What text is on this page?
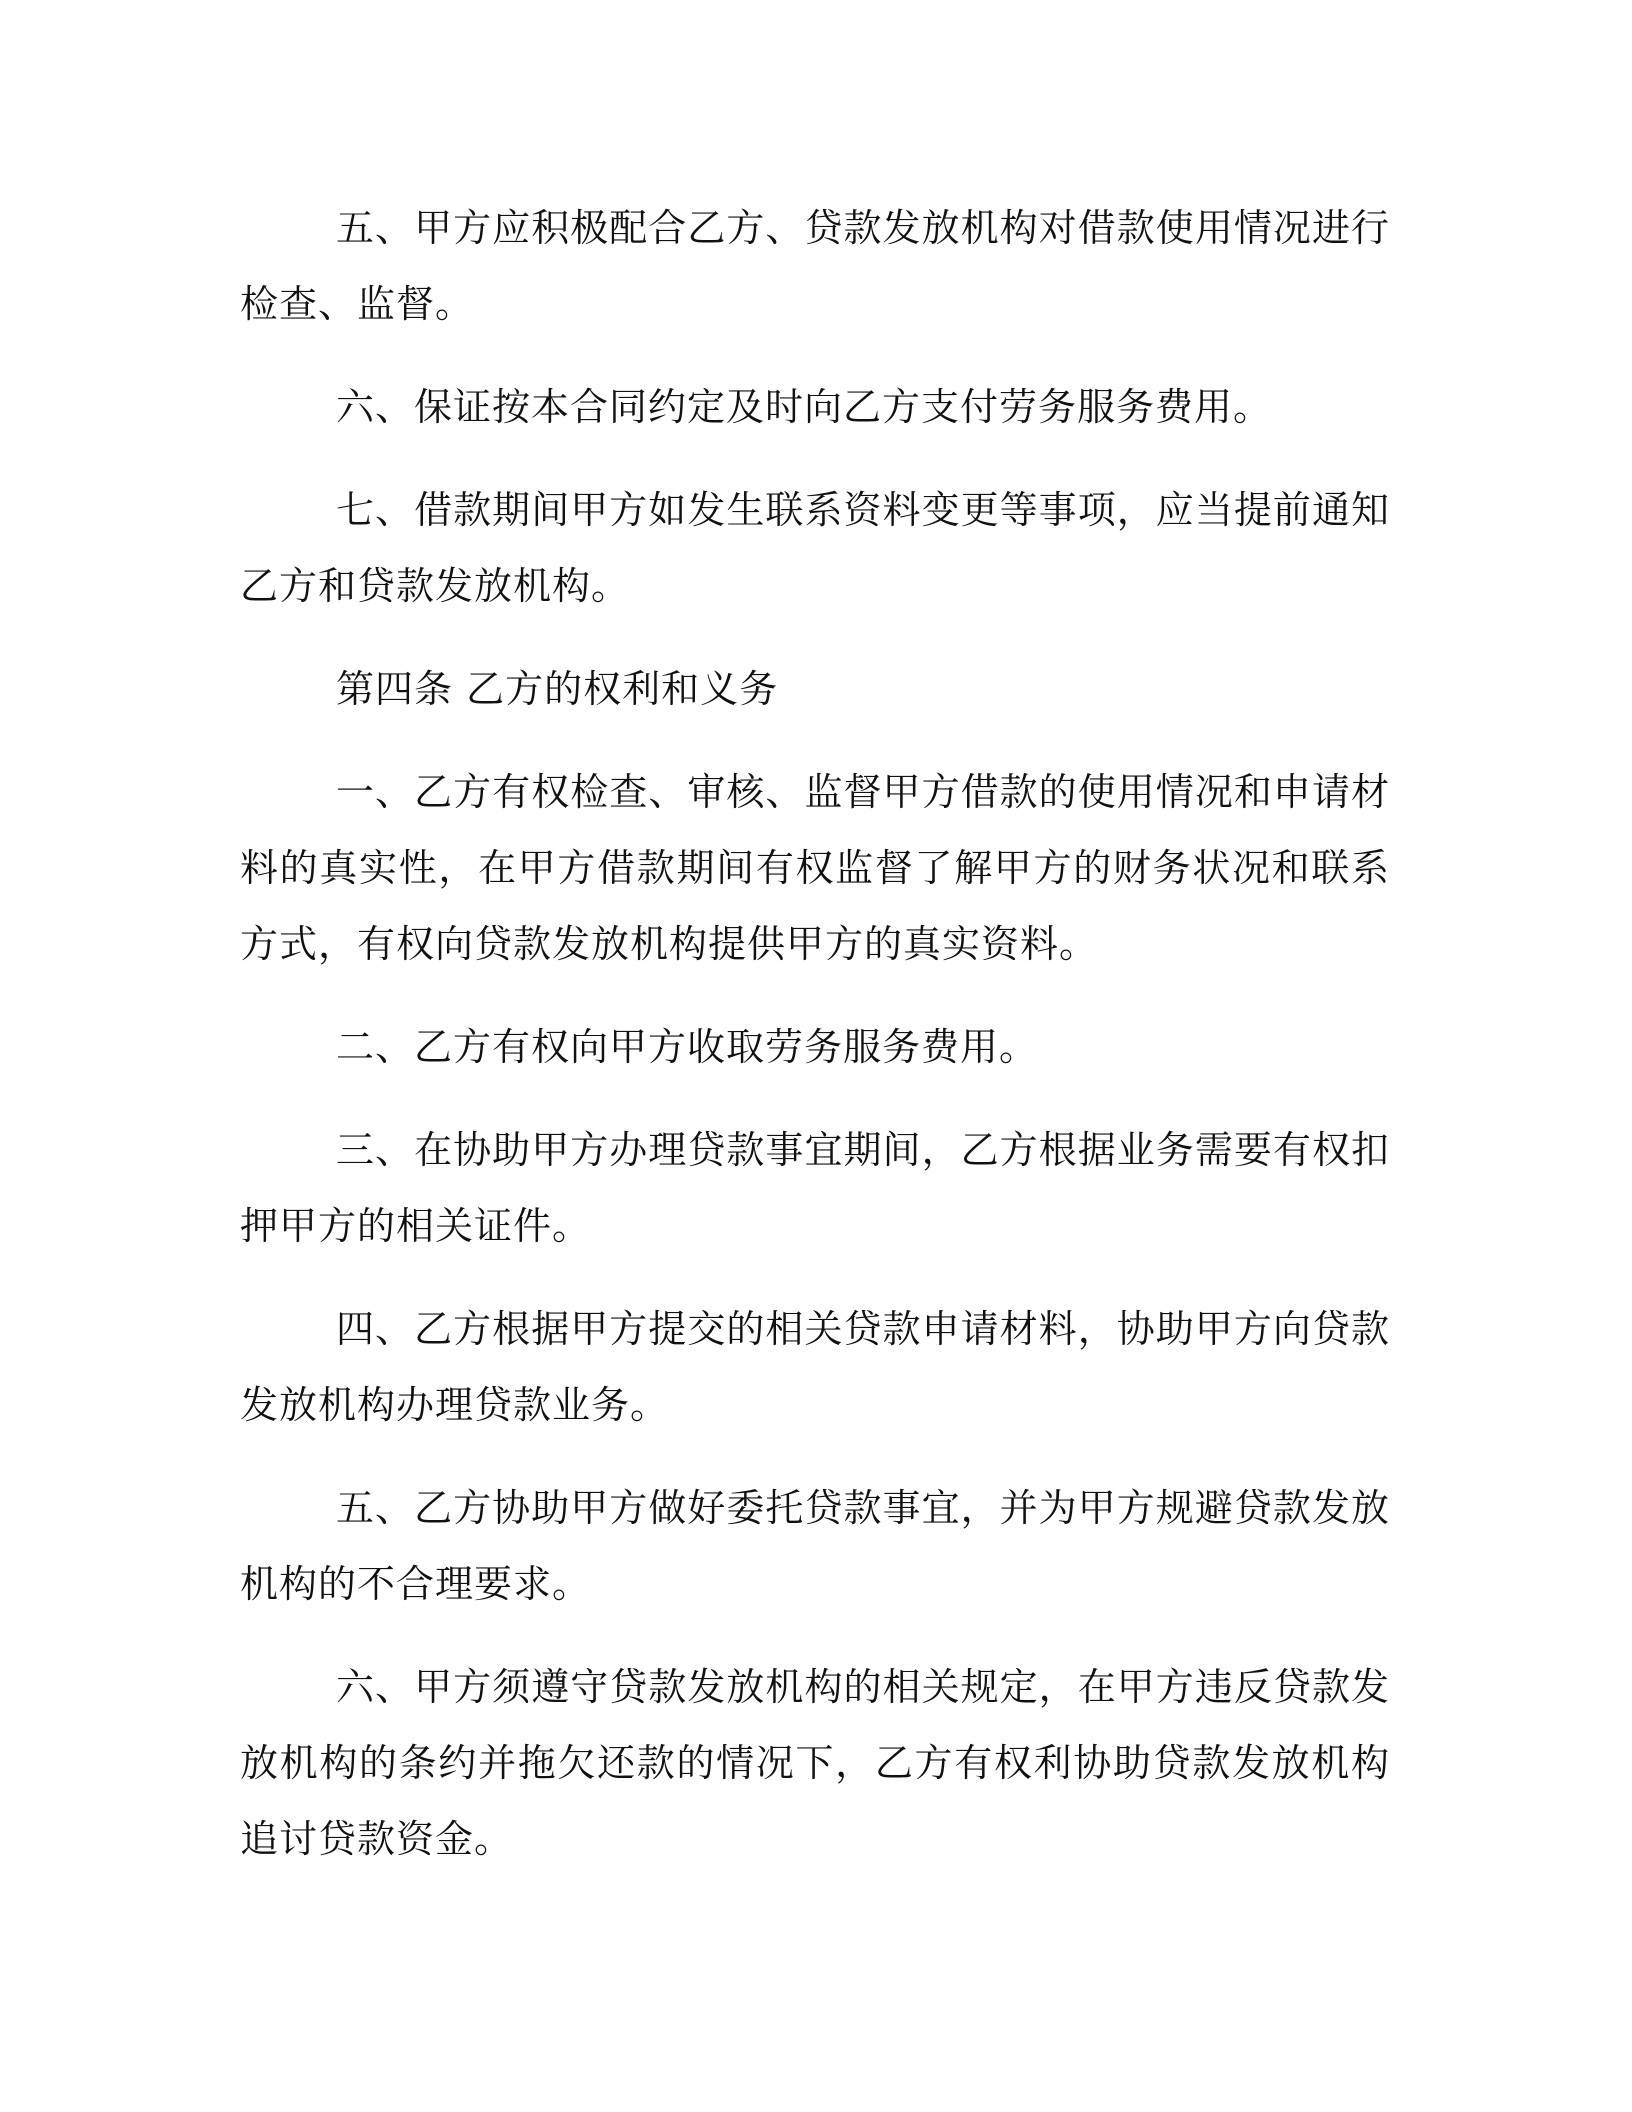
五、甲方应积极配合乙方、贷款发放机构对借款使用情况进行检查、监督。

六、保证按本合同约定及时向乙方支付劳务服务费用。

七、借款期间甲方如发生联系资料变更等事项，应当提前通知乙方和贷款发放机构。

第四条 乙方的权利和义务

一、乙方有权检查、审核、监督甲方借款的使用情况和申请材料的真实性，在甲方借款期间有权监督了解甲方的财务状况和联系方式，有权向贷款发放机构提供甲方的真实资料。

二、乙方有权向甲方收取劳务服务费用。

三、在协助甲方办理贷款事宜期间，乙方根据业务需要有权扣押甲方的相关证件。

四、乙方根据甲方提交的相关贷款申请材料，协助甲方向贷款发放机构办理贷款业务。

五、乙方协助甲方做好委托贷款事宜，并为甲方规避贷款发放机构的不合理要求。

六、甲方须遵守贷款发放机构的相关规定，在甲方违反贷款发放机构的条约并拖欠还款的情况下，乙方有权利协助贷款发放机构追讨贷款资金。
